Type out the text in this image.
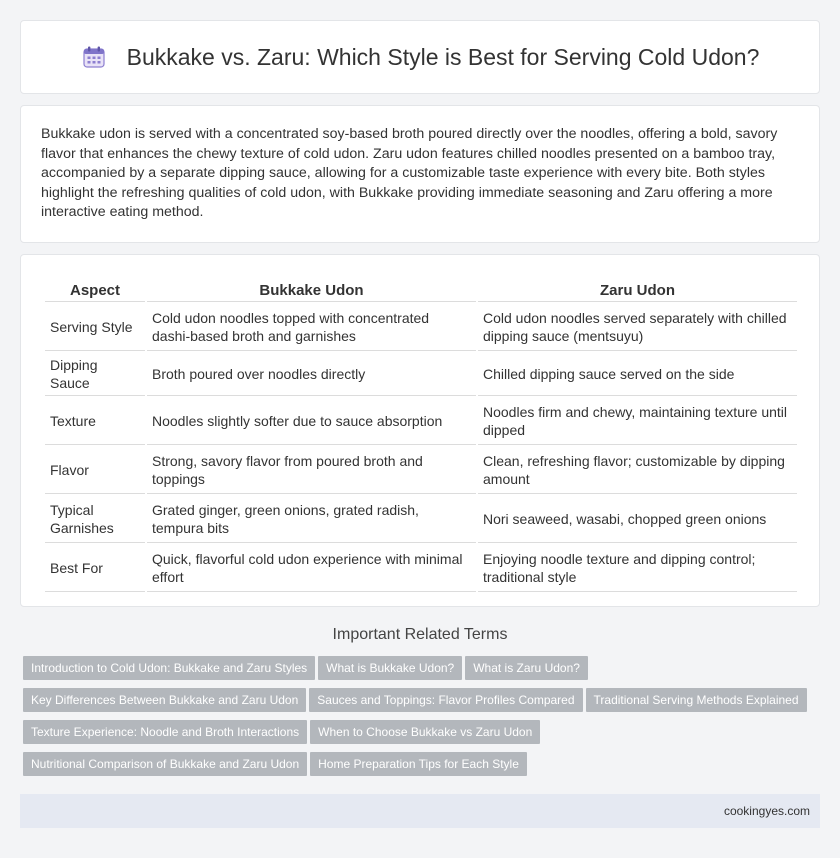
Bukkake vs. Zaru: Which Style is Best for Serving Cold Udon?

Bukkake udon is served with a concentrated soy-based broth poured directly over the noodles, offering a bold, savory flavor that enhances the chewy texture of cold udon. Zaru udon features chilled noodles presented on a bamboo tray, accompanied by a separate dipping sauce, allowing for a customizable taste experience with every bite. Both styles highlight the refreshing qualities of cold udon, with Bukkake providing immediate seasoning and Zaru offering a more interactive eating method.

Aspect	Bukkake Udon	Zaru Udon
Serving Style	Cold udon noodles topped with concentrated dashi-based broth and garnishes	Cold udon noodles served separately with chilled dipping sauce (mentsuyu)
Dipping Sauce	Broth poured over noodles directly	Chilled dipping sauce served on the side
Texture	Noodles slightly softer due to sauce absorption	Noodles firm and chewy, maintaining texture until dipped
Flavor	Strong, savory flavor from poured broth and toppings	Clean, refreshing flavor; customizable by dipping amount
Typical Garnishes	Grated ginger, green onions, grated radish, tempura bits	Nori seaweed, wasabi, chopped green onions
Best For	Quick, flavorful cold udon experience with minimal effort	Enjoying noodle texture and dipping control; traditional style
Important Related Terms
Introduction to Cold Udon: Bukkake and Zaru Styles What is Bukkake Udon? What is Zaru Udon?
Key Differences Between Bukkake and Zaru Udon Sauces and Toppings: Flavor Profiles Compared Traditional Serving Methods Explained
Texture Experience: Noodle and Broth Interactions When to Choose Bukkake vs Zaru Udon
Nutritional Comparison of Bukkake and Zaru Udon Home Preparation Tips for Each Style
cookingyes.com
